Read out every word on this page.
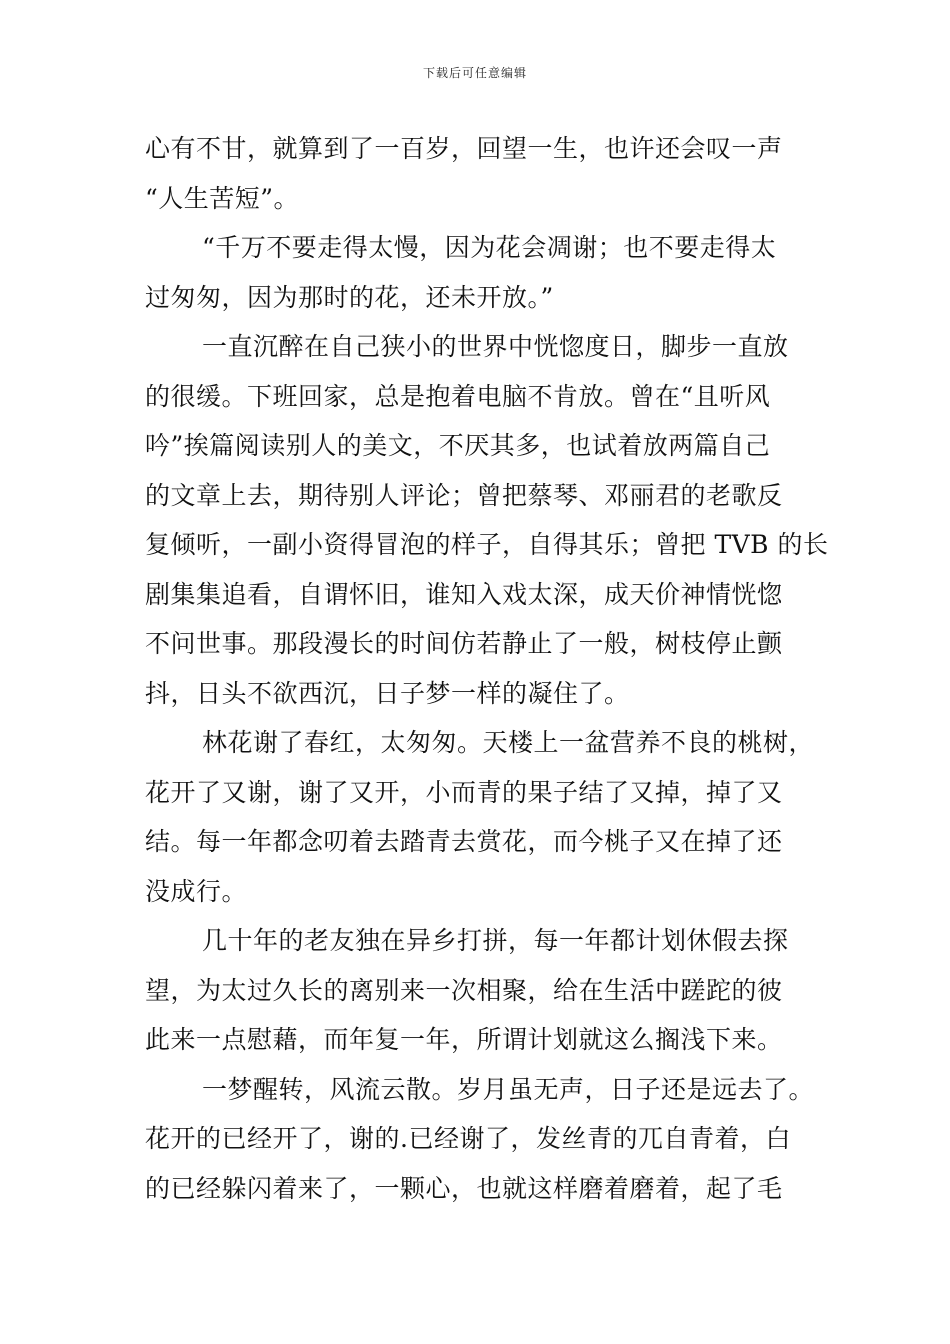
下载后可任意编辑

心有不甘，就算到了一百岁，回望一生，也许还会叹一声
“人生苦短”。

“千万不要走得太慢，因为花会凋谢；也不要走得太
过匆匆，因为那时的花，还未开放。”

一直沉醉在自己狭小的世界中恍惚度日，脚步一直放
的很缓。下班回家，总是抱着电脑不肯放。曾在“且听风
吟”挨篇阅读别人的美文，不厌其多，也试着放两篇自己
的文章上去，期待别人评论；曾把蔡琴、邓丽君的老歌反
复倾听，一副小资得冒泡的样子，自得其乐；曾把 TVB 的长
剧集集追看，自谓怀旧，谁知入戏太深，成天价神情恍惚
不问世事。那段漫长的时间仿若静止了一般，树枝停止颤
抖，日头不欲西沉，日子梦一样的凝住了。

林花谢了春红，太匆匆。天楼上一盆营养不良的桃树，
花开了又谢，谢了又开，小而青的果子结了又掉，掉了又
结。每一年都念叨着去踏青去赏花，而今桃子又在掉了还
没成行。

几十年的老友独在异乡打拼，每一年都计划休假去探
望，为太过久长的离别来一次相聚，给在生活中蹉跎的彼
此来一点慰藉，而年复一年，所谓计划就这么搁浅下来。

一梦醒转，风流云散。岁月虽无声，日子还是远去了。
花开的已经开了，谢的.已经谢了，发丝青的兀自青着，白
的已经躲闪着来了，一颗心，也就这样磨着磨着，起了毛
